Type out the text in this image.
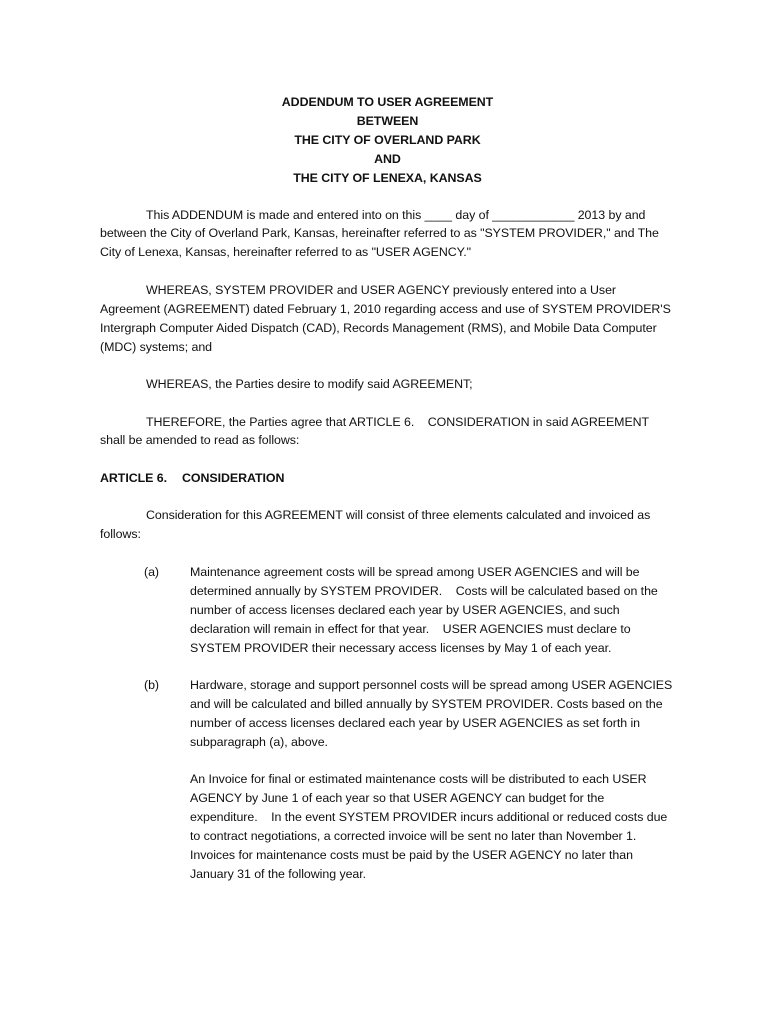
ADDENDUM TO USER AGREEMENT
BETWEEN
THE CITY OF OVERLAND PARK
AND
THE CITY OF LENEXA, KANSAS

This ADDENDUM is made and entered into on this ____ day of ____________ 2013 by and between the City of Overland Park, Kansas, hereinafter referred to as "SYSTEM PROVIDER," and The City of Lenexa, Kansas, hereinafter referred to as "USER AGENCY."

WHEREAS, SYSTEM PROVIDER and USER AGENCY previously entered into a User Agreement (AGREEMENT) dated February 1, 2010 regarding access and use of SYSTEM PROVIDER'S Intergraph Computer Aided Dispatch (CAD), Records Management (RMS), and Mobile Data Computer (MDC) systems; and

WHEREAS, the Parties desire to modify said AGREEMENT;

THEREFORE, the Parties agree that ARTICLE 6.    CONSIDERATION in said AGREEMENT shall be amended to read as follows:

ARTICLE 6. CONSIDERATION

Consideration for this AGREEMENT will consist of three elements calculated and invoiced as follows:

(a)	Maintenance agreement costs will be spread among USER AGENCIES and will be determined annually by SYSTEM PROVIDER.    Costs will be calculated based on the number of access licenses declared each year by USER AGENCIES, and such declaration will remain in effect for that year.    USER AGENCIES must declare to SYSTEM PROVIDER their necessary access licenses by May 1 of each year.
(b)	Hardware, storage and support personnel costs will be spread among USER AGENCIES and will be calculated and billed annually by SYSTEM PROVIDER. Costs based on the number of access licenses declared each year by USER AGENCIES as set forth in subparagraph (a), above.

An Invoice for final or estimated maintenance costs will be distributed to each USER AGENCY by June 1 of each year so that USER AGENCY can budget for the expenditure.    In the event SYSTEM PROVIDER incurs additional or reduced costs due to contract negotiations, a corrected invoice will be sent no later than November 1.    Invoices for maintenance costs must be paid by the USER AGENCY no later than January 31 of the following year.
